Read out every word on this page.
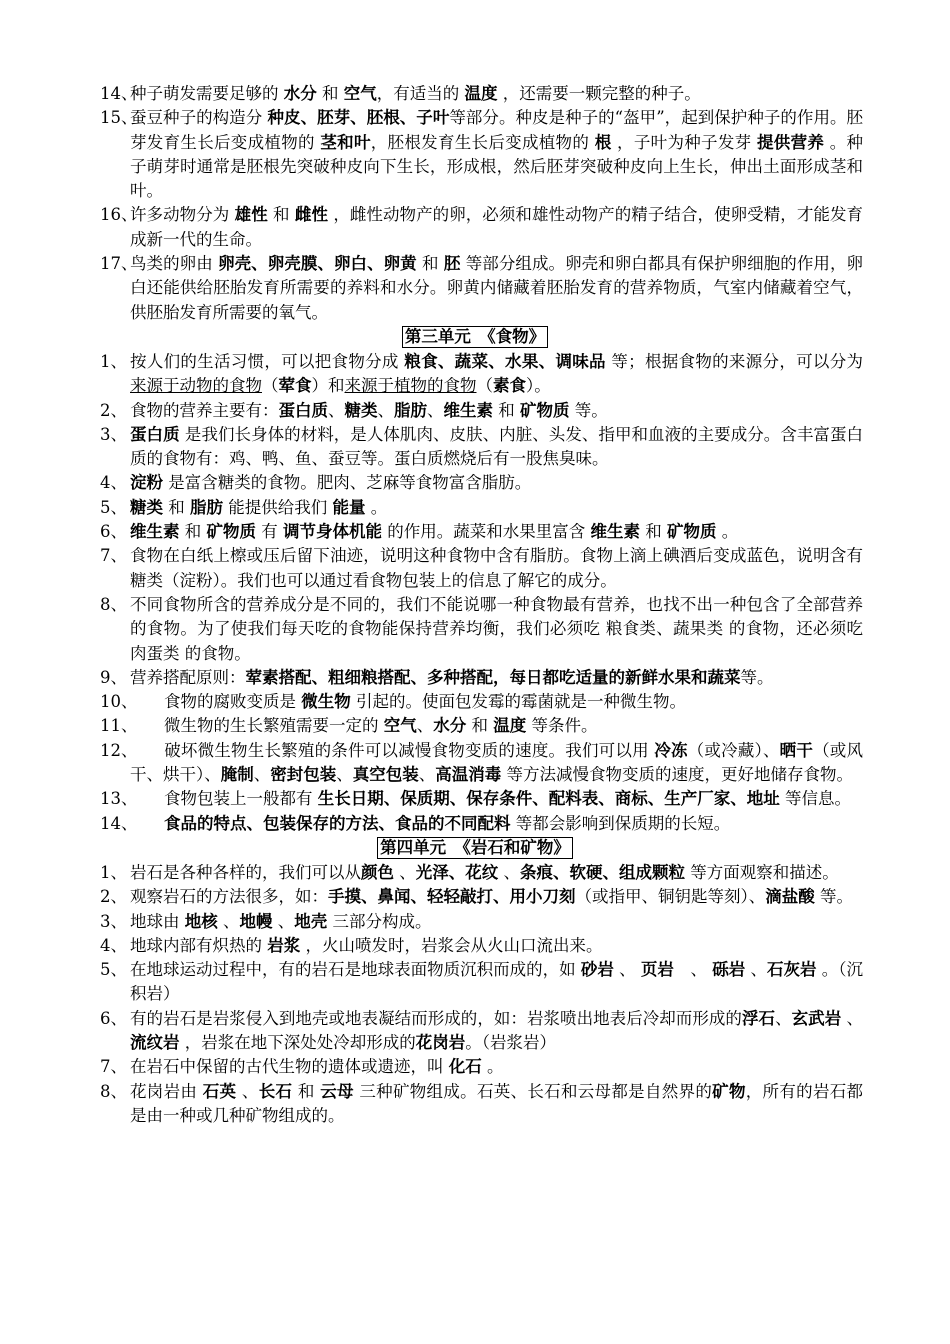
14、
种子萌发需要足够的 水分 和 空气，有适当的 温度 ，还需要一颗完整的种子。
15、
蚕豆种子的构造分 种皮、胚芽、胚根、子叶等部分。种皮是种子的“盔甲”，起到保护种子的作用。胚芽发育生长后变成植物的 茎和叶，胚根发育生长后变成植物的 根 ，子叶为种子发芽 提供营养 。种子萌芽时通常是胚根先突破种皮向下生长，形成根，然后胚芽突破种皮向上生长，伸出土面形成茎和叶。
16、
许多动物分为 雄性 和 雌性 ，雌性动物产的卵，必须和雄性动物产的精子结合，使卵受精，才能发育成新一代的生命。
17、
鸟类的卵由 卵壳、卵壳膜、卵白、卵黄 和 胚 等部分组成。卵壳和卵白都具有保护卵细胞的作用，卵白还能供给胚胎发育所需要的养料和水分。卵黄内储藏着胚胎发育的营养物质，气室内储藏着空气，供胚胎发育所需要的氧气。
第三单元　《食物》
1、 按人们的生活习惯，可以把食物分成 粮食、蔬菜、水果、调味品 等；根据食物的来源分，可以分为来源于动物的食物（荤食）和来源于植物的食物（素食）。
2、 食物的营养主要有：蛋白质、糖类、脂肪、维生素 和 矿物质 等。
3、 蛋白质 是我们长身体的材料，是人体肌肉、皮肤、内脏、头发、指甲和血液的主要成分。含丰富蛋白质的食物有：鸡、鸭、鱼、蚕豆等。蛋白质燃烧后有一股焦臭味。
4、 淀粉 是富含糖类的食物。肥肉、芝麻等食物富含脂肪。
5、 糖类 和 脂肪 能提供给我们 能量 。
6、 维生素 和 矿物质 有 调节身体机能 的作用。蔬菜和水果里富含 维生素 和 矿物质 。
7、 食物在白纸上檫或压后留下油迹，说明这种食物中含有脂肪。食物上滴上碘酒后变成蓝色，说明含有糖类（淀粉）。我们也可以通过看食物包装上的信息了解它的成分。
8、 不同食物所含的营养成分是不同的，我们不能说哪一种食物最有营养，也找不出一种包含了全部营养的食物。为了使我们每天吃的食物能保持营养均衡，我们必须吃 粮食类、蔬果类 的食物，还必须吃 肉蛋类 的食物。
9、 营养搭配原则：荤素搭配、粗细粮搭配、多种搭配，每日都吃适量的新鲜水果和蔬菜等。
10、 食物的腐败变质是 微生物 引起的。使面包发霉的霉菌就是一种微生物。
11、 微生物的生长繁殖需要一定的 空气、水分 和 温度 等条件。
12、 破坏微生物生长繁殖的条件可以减慢食物变质的速度。我们可以用 冷冻（或冷藏）、晒干（或风干、烘干）、腌制、密封包装、真空包装、高温消毒 等方法减慢食物变质的速度，更好地储存食物。
13、 食物包装上一般都有 生长日期、保质期、保存条件、配料表、商标、生产厂家、地址 等信息。
14、 食品的特点、包装保存的方法、食品的不同配料 等都会影响到保质期的长短。
第四单元　《岩石和矿物》
1、 岩石是各种各样的，我们可以从颜色 、光泽、花纹 、条痕、软硬、组成颗粒 等方面观察和描述。
2、 观察岩石的方法很多，如：手摸、鼻闻、轻轻敲打、用小刀刻（或指甲、铜钥匙等刻）、滴盐酸 等。
3、 地球由 地核 、地幔 、地壳 三部分构成。
4、 地球内部有炽热的 岩浆 ，火山喷发时，岩浆会从火山口流出来。
5、 在地球运动过程中，有的岩石是地球表面物质沉积而成的，如 砂岩 、 页岩　、 砾岩 、石灰岩 。（沉积岩）
6、 有的岩石是岩浆侵入到地壳或地表凝结而形成的，如：岩浆喷出地表后冷却而形成的浮石、玄武岩 、流纹岩 ，岩浆在地下深处处冷却形成的花岗岩。（岩浆岩）
7、 在岩石中保留的古代生物的遗体或遗迹，叫 化石 。
8、 花岗岩由 石英 、长石 和 云母 三种矿物组成。石英、长石和云母都是自然界的矿物，所有的岩石都是由一种或几种矿物组成的。
